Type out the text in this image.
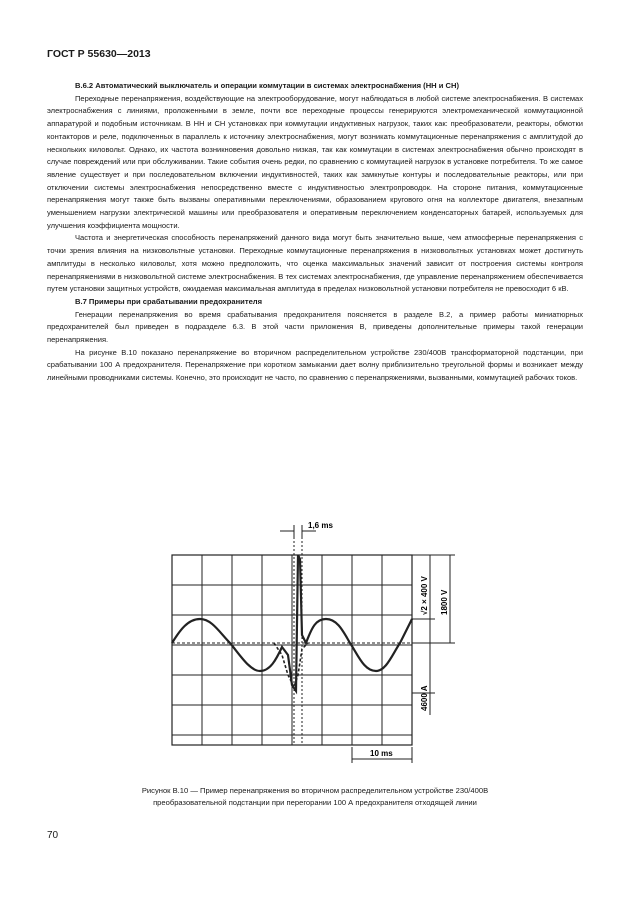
ГОСТ Р 55630—2013
В.6.2 Автоматический выключатель и операции коммутации в системах электроснабжения (НН и СН)

Переходные перенапряжения, воздействующие на электрооборудование, могут наблюдаться в любой системе электроснабжения. В системах электроснабжения с линиями, проложенными в земле, почти все переходные процессы генерируются электромеханической коммутационной аппаратурой и подобным источникам. В НН и СН установках при коммутации индуктивных нагрузок, таких как: преобразователи, реакторы, обмотки контакторов и реле, подключенных в параллель к источнику электроснабжения, могут возникать коммутационные перенапряжения с амплитудой до нескольких киловольт. Однако, их частота возникновения довольно низкая, так как коммутации в системах электроснабжения обычно происходят в случае повреждений или при обслуживании. Такие события очень редки, по сравнению с коммутацией нагрузок в установке потребителя. То же самое явление существует и при последовательном включении индуктивностей, таких как замкнутые контуры и последовательные реакторы, или при отключении системы электроснабжения непосредственно вместе с индуктивностью электропроводок. На стороне питания, коммутационные перенапряжения могут также быть вызваны оперативными переключениями, образованием кругового огня на коллекторе двигателя, внезапным уменьшением нагрузки электрической машины или преобразователя и оперативным переключением конденсаторных батарей, используемых для улучшения коэффициента мощности.

Частота и энергетическая способность перенапряжений данного вида могут быть значительно выше, чем атмосферные перенапряжения с точки зрения влияния на низковольтные установки. Переходные коммутационные перенапряжения в низковольтных установках может достигнуть амплитуды в несколько киловольт, хотя можно предположить, что оценка максимальных значений зависит от построения системы контроля перенапряжениями в низковольтной системе электроснабжения. В тех системах электроснабжения, где управление перенапряжением обеспечивается путем установки защитных устройств, ожидаемая максимальная амплитуда в пределах низковольтной установки потребителя не превосходит 6 кВ.

В.7 Примеры при срабатывании предохранителя

Генерации перенапряжения во время срабатывания предохранителя поясняется в разделе В.2, а пример работы миниатюрных предохранителей был приведен в подразделе 6.3. В этой части приложения В, приведены дополнительные примеры такой генерации перенапряжения.

На рисунке В.10 показано перенапряжение во вторичном распределительном устройстве 230/400В трансформаторной подстанции, при срабатывании 100 А предохранителя. Перенапряжение при коротком замыкании дает волну приблизительно треугольной формы и возникает между линейными проводниками системы. Конечно, это происходит не часто, по сравнению с перенапряжениями, вызванными, коммутацией рабочих токов.

1,6 ms
√2 × 400 V 1800 V
4600 A
10 ms
Рисунок В.10 — Пример перенапряжения во вторичном распределительном устройстве 230/400В преобразовательной подстанции при перегорании 100 А предохранителя отходящей линии
70
